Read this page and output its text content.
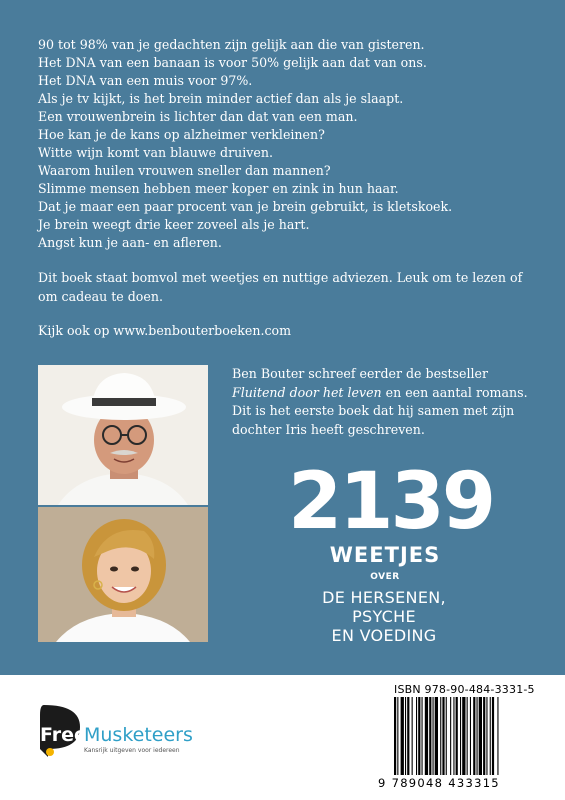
90 tot 98% van je gedachten zijn gelijk aan die van gisteren.
Het DNA van een banaan is voor 50% gelijk aan dat van ons.
Het DNA van een muis voor 97%.
Als je tv kijkt, is het brein minder actief dan als je slaapt.
Een vrouwenbrein is lichter dan dat van een man.
Hoe kan je de kans op alzheimer verkleinen?
Witte wijn komt van blauwe druiven.
Waarom huilen vrouwen sneller dan mannen?
Slimme mensen hebben meer koper en zink in hun haar.
Dat je maar een paar procent van je brein gebruikt, is kletskoek.
Je brein weegt drie keer zoveel als je hart.
Angst kun je aan- en afleren.
Dit boek staat bomvol met weetjes en nuttige adviezen. Leuk om te lezen of om cadeau te doen.
Kijk ook op www.benbouterboeken.com
Ben Bouter schreef eerder de bestseller Fluitend door het leven en een aantal romans. Dit is het eerste boek dat hij samen met zijn dochter Iris heeft geschreven.
2139
WEETJES
OVER
DE HERSENEN,
PSYCHE
EN VOEDING
Free
Musketeers
Kansrijk uitgeven voor iedereen
ISBN 978-90-484-3331-5
9 789048 433315
